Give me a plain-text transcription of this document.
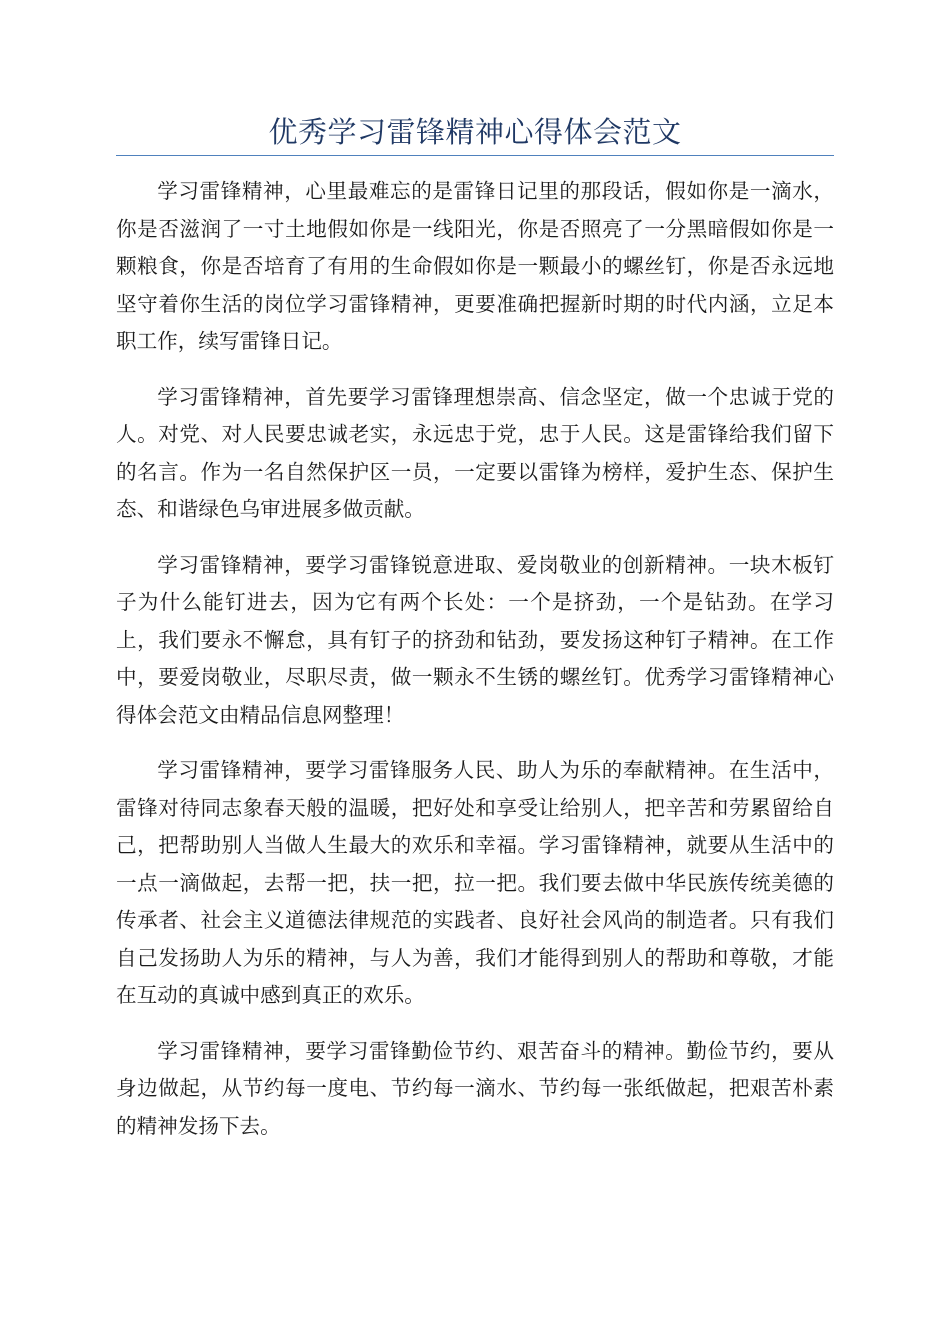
优秀学习雷锋精神心得体会范文

学习雷锋精神，心里最难忘的是雷锋日记里的那段话，假如你是一滴水，你是否滋润了一寸土地假如你是一线阳光，你是否照亮了一分黑暗假如你是一颗粮食，你是否培育了有用的生命假如你是一颗最小的螺丝钉，你是否永远地坚守着你生活的岗位学习雷锋精神，更要准确把握新时期的时代内涵，立足本职工作，续写雷锋日记。

学习雷锋精神，首先要学习雷锋理想崇高、信念坚定，做一个忠诚于党的人。对党、对人民要忠诚老实，永远忠于党，忠于人民。这是雷锋给我们留下的名言。作为一名自然保护区一员，一定要以雷锋为榜样，爱护生态、保护生态、和谐绿色乌审进展多做贡献。

学习雷锋精神，要学习雷锋锐意进取、爱岗敬业的创新精神。一块木板钉子为什么能钉进去，因为它有两个长处：一个是挤劲，一个是钻劲。在学习上，我们要永不懈怠，具有钉子的挤劲和钻劲，要发扬这种钉子精神。在工作中，要爱岗敬业，尽职尽责，做一颗永不生锈的螺丝钉。优秀学习雷锋精神心得体会范文由精品信息网整理！

学习雷锋精神，要学习雷锋服务人民、助人为乐的奉献精神。在生活中，雷锋对待同志象春天般的温暖，把好处和享受让给别人，把辛苦和劳累留给自己，把帮助别人当做人生最大的欢乐和幸福。学习雷锋精神，就要从生活中的一点一滴做起，去帮一把，扶一把，拉一把。我们要去做中华民族传统美德的传承者、社会主义道德法律规范的实践者、良好社会风尚的制造者。只有我们自己发扬助人为乐的精神，与人为善，我们才能得到别人的帮助和尊敬，才能在互动的真诚中感到真正的欢乐。

学习雷锋精神，要学习雷锋勤俭节约、艰苦奋斗的精神。勤俭节约，要从身边做起，从节约每一度电、节约每一滴水、节约每一张纸做起，把艰苦朴素的精神发扬下去。
